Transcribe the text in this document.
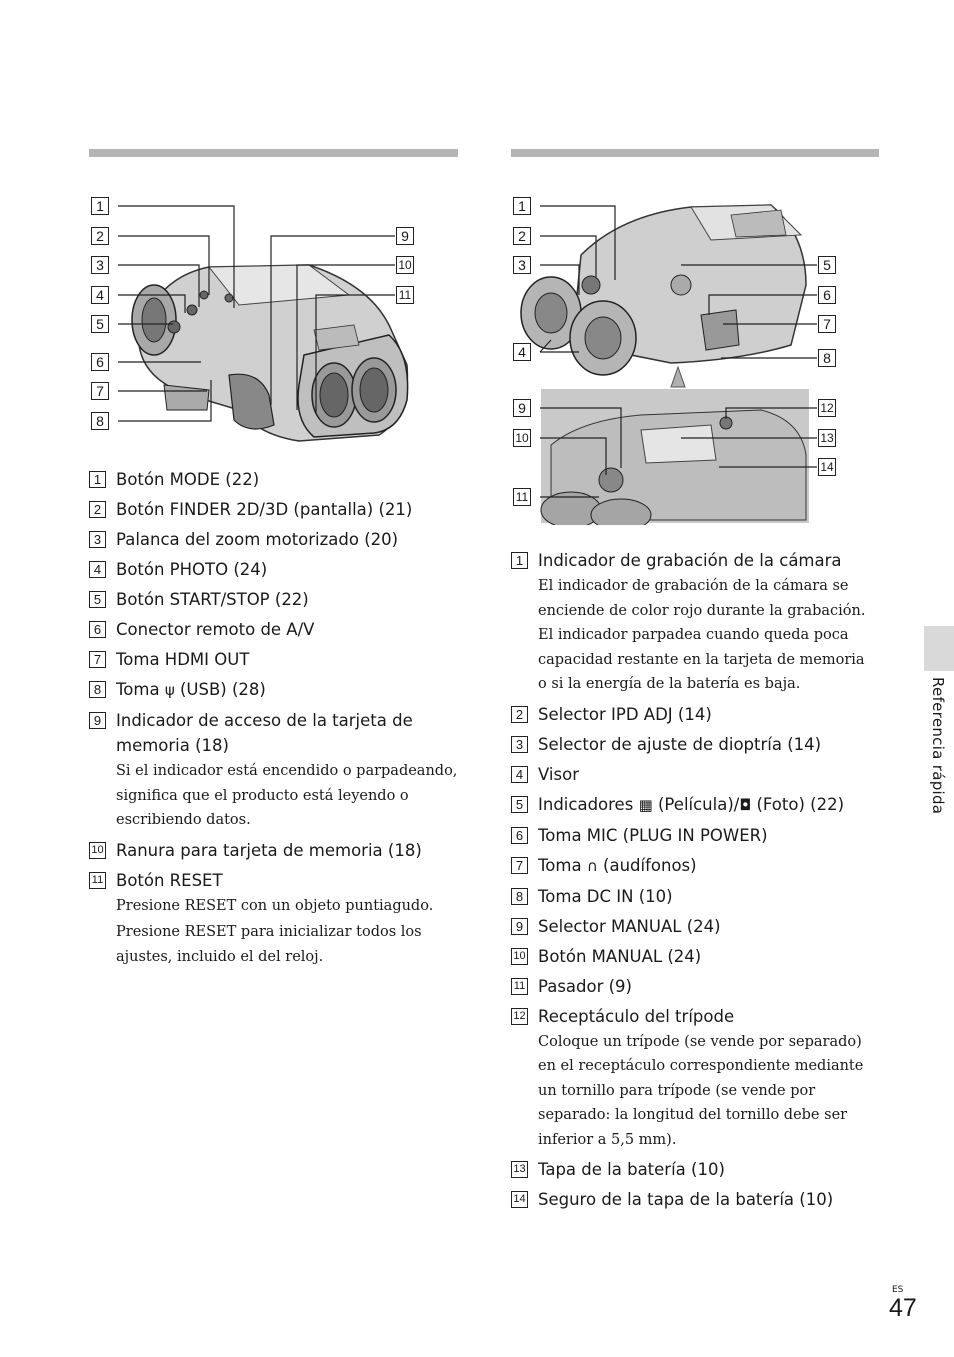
1
2
3
4
5
6
7
8
9
10
11
1
2
3
4
5
6
7
8
9
10
11
12
13
14
1 Botón MODE (22)
2 Botón FINDER 2D/3D (pantalla) (21)
3 Palanca del zoom motorizado (20)
4 Botón PHOTO (24)
5 Botón START/STOP (22)
6 Conector remoto de A/V
7 Toma HDMI OUT
8 Toma ψ (USB) (28)
9 Indicador de acceso de la tarjeta de memoria (18)

Si el indicador está encendido o parpadeando, significa que el producto está leyendo o escribiendo datos.

10 Ranura para tarjeta de memoria (18)
11 Botón RESET

Presione RESET con un objeto puntiagudo.

Presione RESET para inicializar todos los ajustes, incluido el del reloj.

1 Indicador de grabación de la cámara

El indicador de grabación de la cámara se enciende de color rojo durante la grabación. El indicador parpadea cuando queda poca capacidad restante en la tarjeta de memoria o si la energía de la batería es baja.

2 Selector IPD ADJ (14)
3 Selector de ajuste de dioptría (14)
4 Visor
5 Indicadores ▦ (Película)/◘ (Foto) (22)
6 Toma MIC (PLUG IN POWER)
7 Toma ∩ (audífonos)
8 Toma DC IN (10)
9 Selector MANUAL (24)
10 Botón MANUAL (24)
11 Pasador (9)
12 Receptáculo del trípode

Coloque un trípode (se vende por separado) en el receptáculo correspondiente mediante un tornillo para trípode (se vende por separado: la longitud del tornillo debe ser inferior a 5,5 mm).

13 Tapa de la batería (10)
14 Seguro de la tapa de la batería (10)
Referencia rápida
ES
47
